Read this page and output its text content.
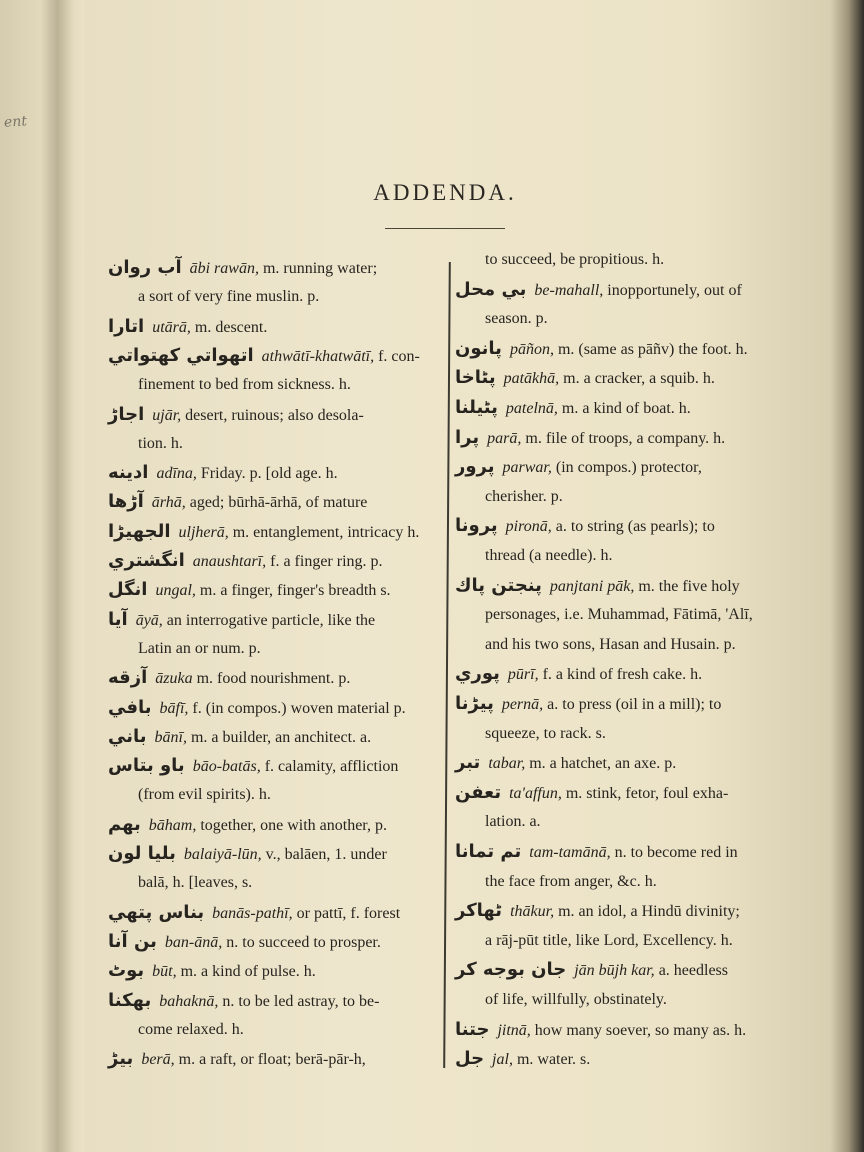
ent
ADDENDA.
آب روان ābi rawān, m. running water;
a sort of very fine muslin. p.
اتارا utārā, m. descent.
اتهواتي كهتواتي athwātī-khatwātī, f. con-
finement to bed from sickness. h.
اجاڑ ujār, desert, ruinous; also desola-
tion. h.
ادينه adīna, Friday. p. [old age. h.
آڑها ārhā, aged; būrhā-ārhā, of mature
الجهيڑا uljherā, m. entanglement, intricacy h.
انگشتري anaushtarī, f. a finger ring. p.
انگل ungal, m. a finger, finger's breadth s.
آيا āyā, an interrogative particle, like the
Latin an or num. p.
آزقه āzuka m. food nourishment. p.
بافي bāfī, f. (in compos.) woven material p.
باني bānī, m. a builder, an anchitect. a.
باو بتاس bāo-batās, f. calamity, affliction
(from evil spirits). h.
بهم bāham, together, one with another, p.
بليا لون balaiyā-lūn, v., balāen, 1. under
balā, h. [leaves, s.
بناس پتهي banās-pathī, or pattī, f. forest
بن آنا ban-ānā, n. to succeed to prosper.
بوٹ būt, m. a kind of pulse. h.
بهكنا bahaknā, n. to be led astray, to be-
come relaxed. h.
بيڑ berā, m. a raft, or float; berā-pār-h,
to succeed, be propitious. h.
بي محل be-mahall, inopportunely, out of
season. p.
پانون pāñon, m. (same as pāñv) the foot. h.
پٹاخا patākhā, m. a cracker, a squib. h.
پٹيلنا patelnā, m. a kind of boat. h.
پرا parā, m. file of troops, a company. h.
پرور parwar, (in compos.) protector,
cherisher. p.
پرونا pironā, a. to string (as pearls); to
thread (a needle). h.
پنجتن پاك panjtani pāk, m. the five holy
personages, i.e. Muhammad, Fātimā, 'Alī,
and his two sons, Hasan and Husain. p.
پوري pūrī, f. a kind of fresh cake. h.
پيڑنا pernā, a. to press (oil in a mill); to
squeeze, to rack. s.
تبر tabar, m. a hatchet, an axe. p.
تعفن ta'affun, m. stink, fetor, foul exha-
lation. a.
تم تمانا tam-tamānā, n. to become red in
the face from anger, &c. h.
ٹهاكر thākur, m. an idol, a Hindū divinity;
a rāj-pūt title, like Lord, Excellency. h.
جان بوجه كر jān būjh kar, a. heedless
of life, willfully, obstinately.
جتنا jitnā, how many soever, so many as. h.
جل jal, m. water. s.
